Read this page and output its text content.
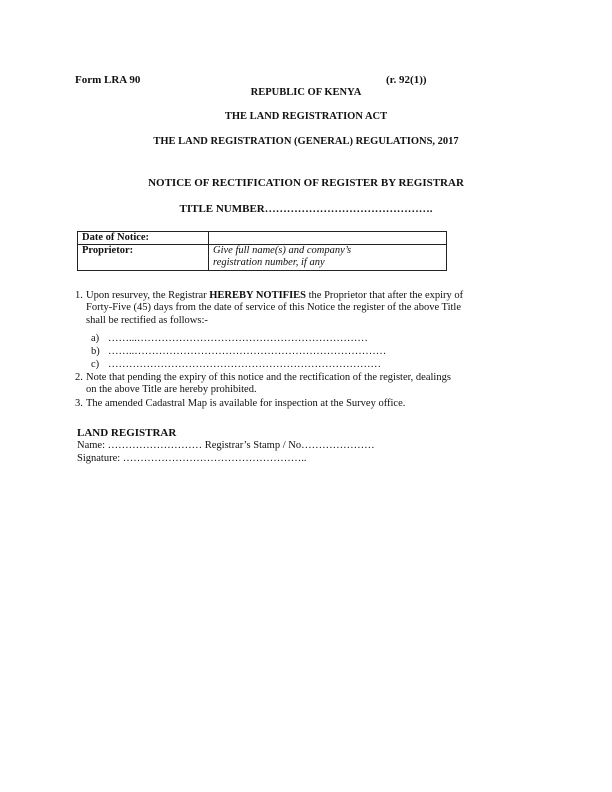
Form LRA 90	(r. 92(1))
REPUBLIC OF KENYA
THE LAND REGISTRATION ACT
THE LAND REGISTRATION (GENERAL) REGULATIONS, 2017
NOTICE OF RECTIFICATION OF REGISTER BY REGISTRAR
TITLE NUMBER……………………………………….
Date of Notice:	
Proprietor:	Give full name(s) and company’s
registration number, if any
1. Upon resurvey, the Registrar HEREBY NOTIFIES the Proprietor that after the expiry of
Forty-Five (45) days from the date of service of this Notice the register of the above Title
shall be rectified as follows:-
a) ……...…………………………………………………………
b) ……..………………………………………………………………
c) ……………………………………………………………………
2. Note that pending the expiry of this notice and the rectification of the register, dealings
on the above Title are hereby prohibited.
3. The amended Cadastral Map is available for inspection at the Survey office.
LAND REGISTRAR
Name: ……………………… Registrar’s Stamp / No…………………
Signature: ……………………………………………..
